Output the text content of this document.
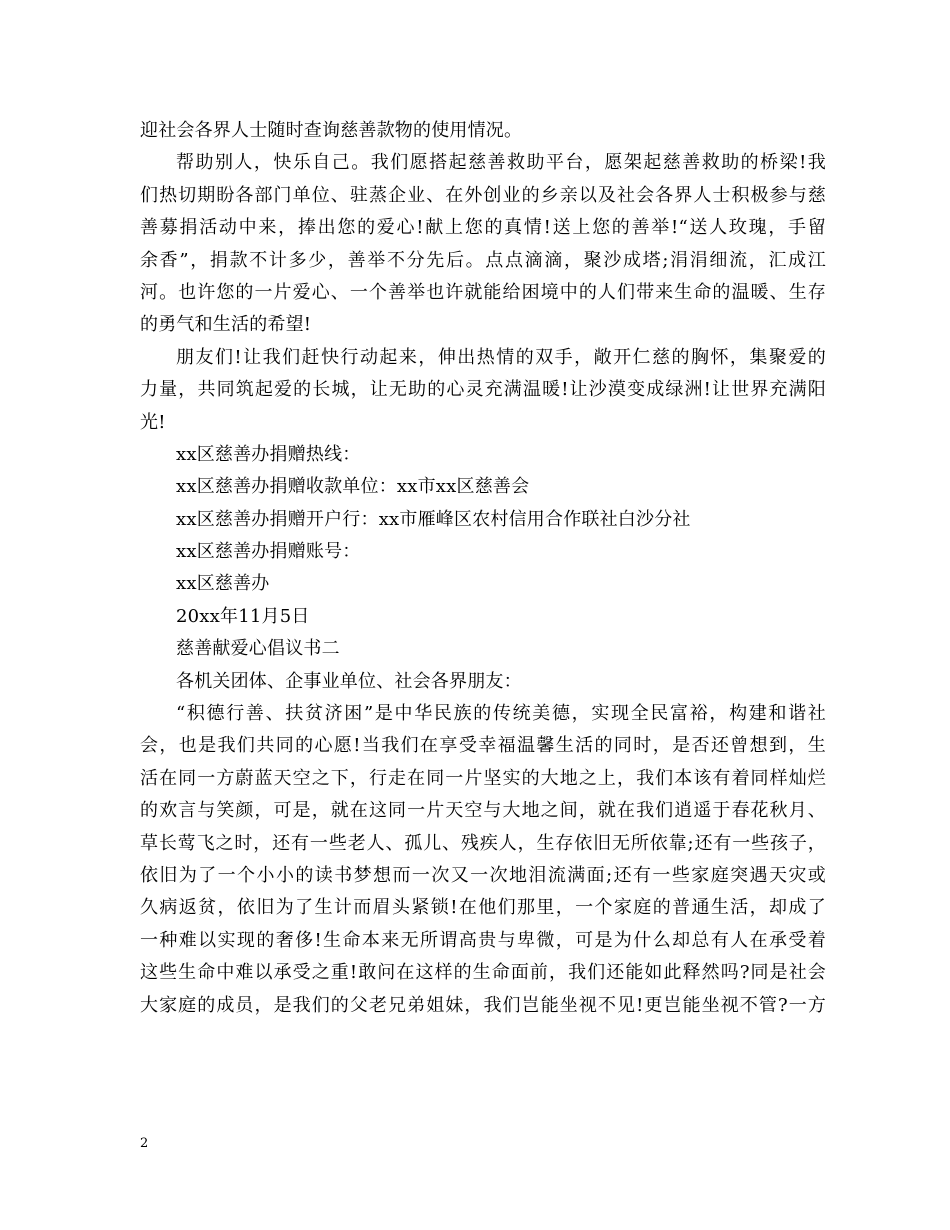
迎社会各界人士随时查询慈善款物的使用情况。
帮助别人，快乐自己。我们愿搭起慈善救助平台，愿架起慈善救助的桥梁!我
们热切期盼各部门单位、驻蒸企业、在外创业的乡亲以及社会各界人士积极参与慈
善募捐活动中来，捧出您的爱心!献上您的真情!送上您的善举!“送人玫瑰，手留
余香”，捐款不计多少，善举不分先后。点点滴滴，聚沙成塔;涓涓细流，汇成江
河。也许您的一片爱心、一个善举也许就能给困境中的人们带来生命的温暖、生存
的勇气和生活的希望!
朋友们!让我们赶快行动起来，伸出热情的双手，敞开仁慈的胸怀，集聚爱的
力量，共同筑起爱的长城，让无助的心灵充满温暖!让沙漠变成绿洲!让世界充满阳
光!
xx区慈善办捐赠热线：
xx区慈善办捐赠收款单位：xx市xx区慈善会
xx区慈善办捐赠开户行：xx市雁峰区农村信用合作联社白沙分社
xx区慈善办捐赠账号：
xx区慈善办
20xx年11月5日
慈善献爱心倡议书二
各机关团体、企事业单位、社会各界朋友：
“积德行善、扶贫济困”是中华民族的传统美德，实现全民富裕，构建和谐社
会，也是我们共同的心愿!当我们在享受幸福温馨生活的同时，是否还曾想到，生
活在同一方蔚蓝天空之下，行走在同一片坚实的大地之上，我们本该有着同样灿烂
的欢言与笑颜，可是，就在这同一片天空与大地之间，就在我们逍遥于春花秋月、
草长莺飞之时，还有一些老人、孤儿、残疾人，生存依旧无所依靠;还有一些孩子，
依旧为了一个小小的读书梦想而一次又一次地泪流满面;还有一些家庭突遇天灾或
久病返贫，依旧为了生计而眉头紧锁!在他们那里，一个家庭的普通生活，却成了
一种难以实现的奢侈!生命本来无所谓高贵与卑微，可是为什么却总有人在承受着
这些生命中难以承受之重!敢问在这样的生命面前，我们还能如此释然吗?同是社会
大家庭的成员，是我们的父老兄弟姐妹，我们岂能坐视不见!更岂能坐视不管?一方
2
